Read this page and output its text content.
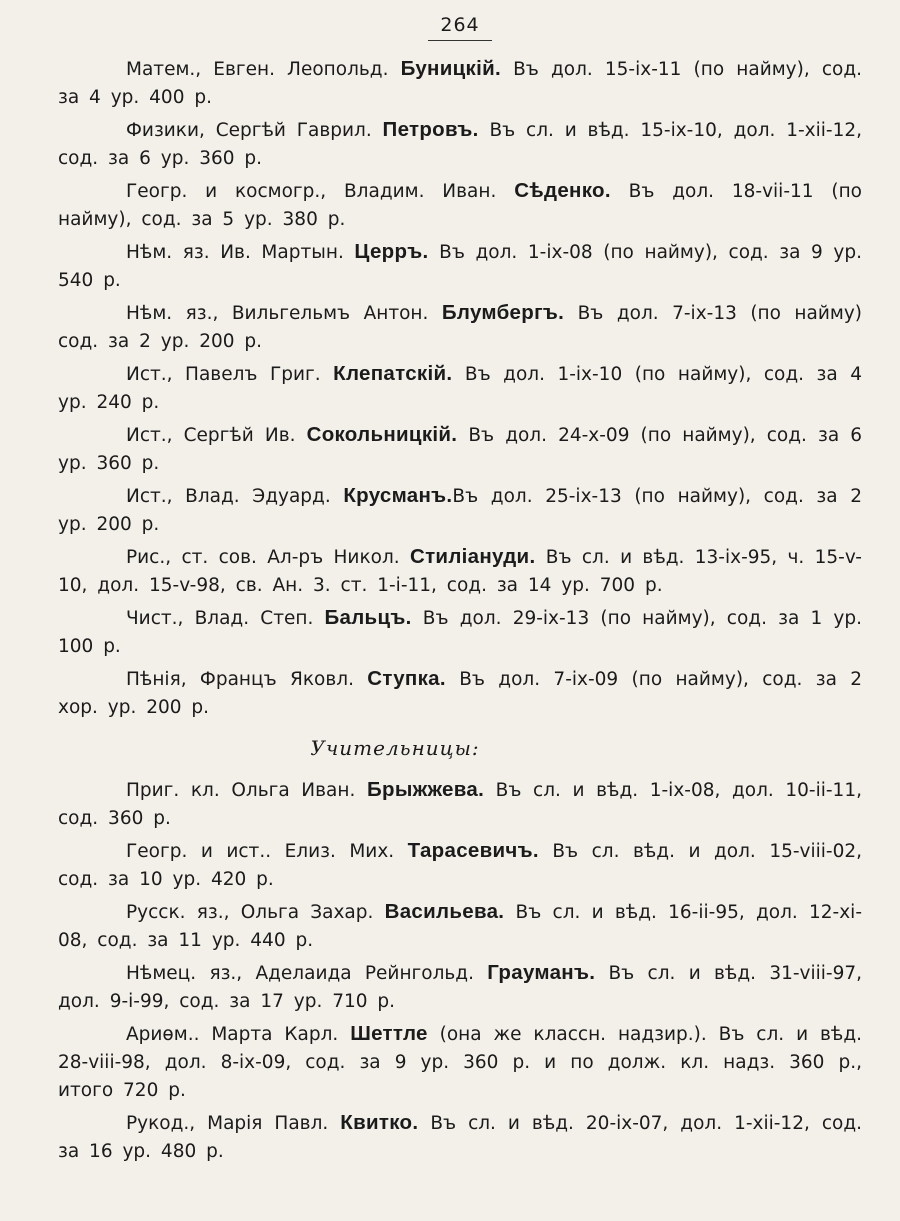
264

Матем., Евген. Леопольд. Буницкій. Въ дол. 15-ix-11 (по найму), сод. за 4 ур. 400 р.

Физики, Сергѣй Гаврил. Петровъ. Въ сл. и вѣд. 15-ix-10, дол. 1-xii-12, сод. за 6 ур. 360 р.

Геогр. и космогр., Владим. Иван. Сѣденко. Въ дол. 18-vii-11 (по найму), сод. за 5 ур. 380 р.

Нѣм. яз. Ив. Мартын. Церръ. Въ дол. 1-ix-08 (по найму), сод. за 9 ур. 540 р.

Нѣм. яз., Вильгельмъ Антон. Блумбергъ. Въ дол. 7-ix-13 (по найму) сод. за 2 ур. 200 р.

Ист., Павелъ Григ. Клепатскій. Въ дол. 1-ix-10 (по найму), сод. за 4 ур. 240 р.

Ист., Сергѣй Ив. Сокольницкій. Въ дол. 24-x-09 (по найму), сод. за 6 ур. 360 р.

Ист., Влад. Эдуард. Крусманъ.Въ дол. 25-ix-13 (по найму), сод. за 2 ур. 200 р.

Рис., ст. сов. Ал-ръ Никол. Стиліануди. Въ сл. и вѣд. 13-ix-95, ч. 15-v-10, дол. 15-v-98, св. Ан. 3. ст. 1-i-11, сод. за 14 ур. 700 р.

Чист., Влад. Степ. Бальцъ. Въ дол. 29-ix-13 (по найму), сод. за 1 ур. 100 р.

Пѣнія, Францъ Яковл. Ступка. Въ дол. 7-ix-09 (по найму), сод. за 2 хор. ур. 200 р.

Учительницы:

Приг. кл. Ольга Иван. Брыжжева. Въ сл. и вѣд. 1-ix-08, дол. 10-ii-11, сод. 360 р.

Геогр. и ист.. Елиз. Мих. Тарасевичъ. Въ сл. вѣд. и дол. 15-viii-02, сод. за 10 ур. 420 р.

Русск. яз., Ольга Захар. Васильева. Въ сл. и вѣд. 16-ii-95, дол. 12-xi-08, сод. за 11 ур. 440 р.

Нѣмец. яз., Аделаида Рейнгольд. Грауманъ. Въ сл. и вѣд. 31-viii-97, дол. 9-i-99, сод. за 17 ур. 710 р.

Ариѳм.. Марта Карл. Шеттле (она же классн. надзир.). Въ сл. и вѣд. 28-viii-98, дол. 8-ix-09, сод. за 9 ур. 360 р. и по долж. кл. надз. 360 р., итого 720 р.

Рукод., Марія Павл. Квитко. Въ сл. и вѣд. 20-ix-07, дол. 1-xii-12, сод. за 16 ур. 480 р.
